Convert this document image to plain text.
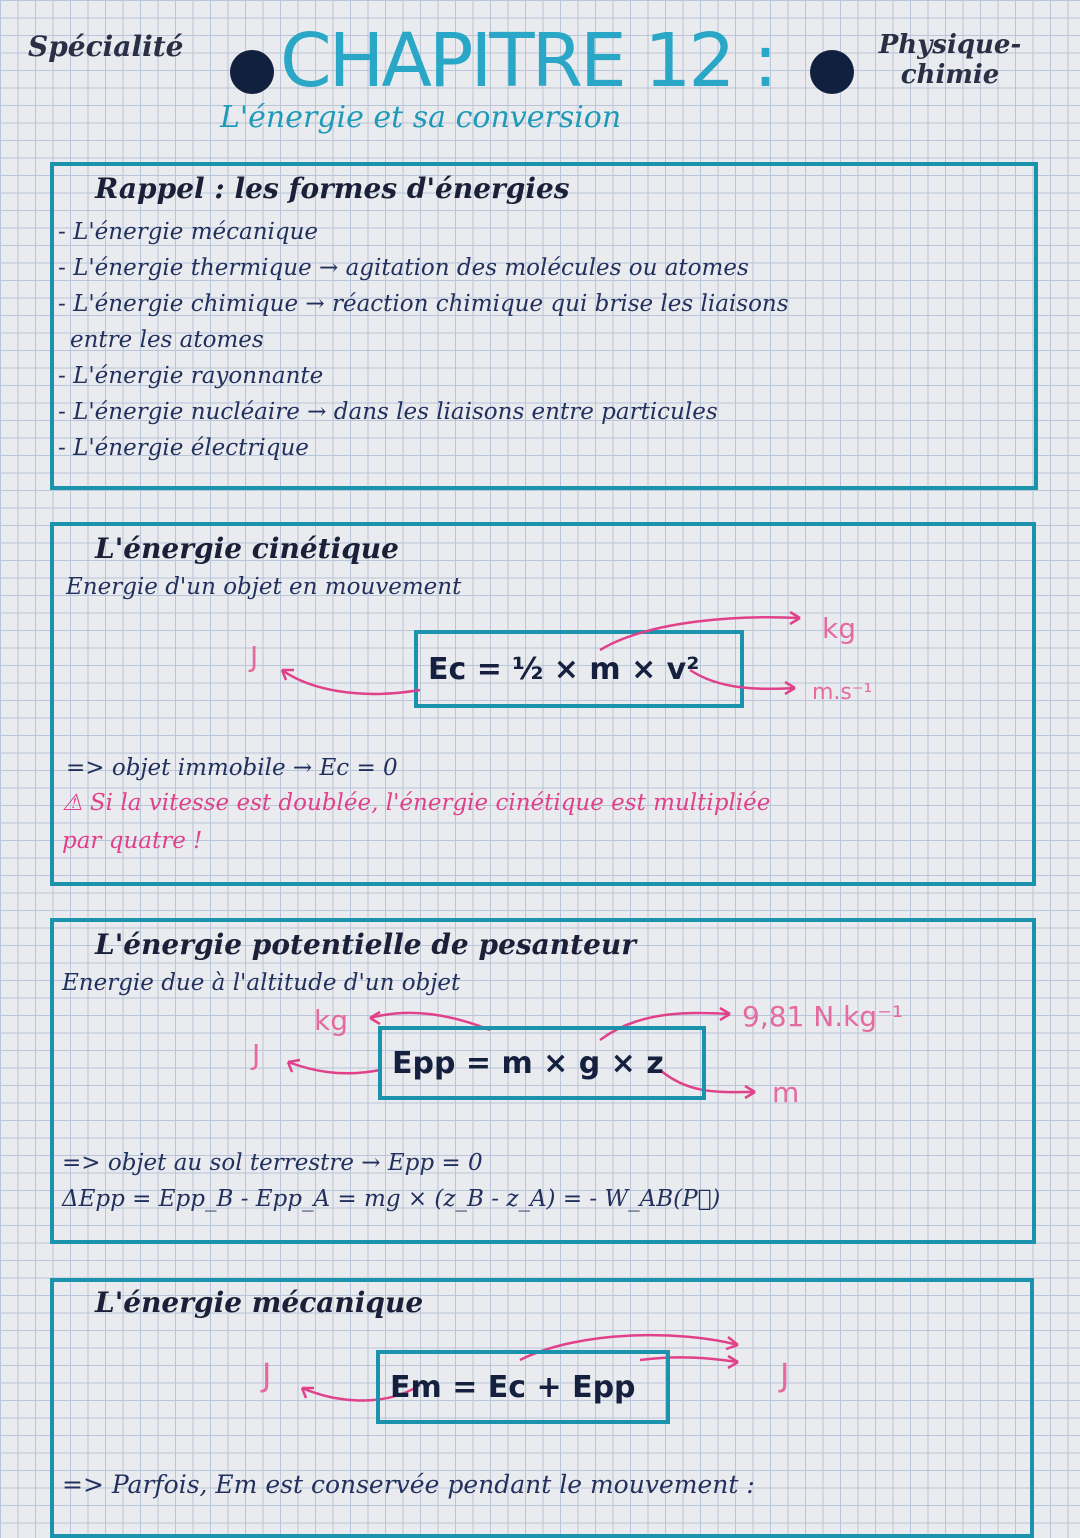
Spécialité CHAPITRE 12 :	Physique-chimie
L'énergie et sa conversion
Rappel : les formes d'énergies
- L'énergie mécanique
- L'énergie thermique → agitation des molécules ou atomes
- L'énergie chimique → réaction chimique qui brise les liaisons
entre les atomes
- L'énergie rayonnante
- L'énergie nucléaire → dans les liaisons entre particules
- L'énergie électrique
L'énergie cinétique
Energie d'un objet en mouvement
Ec = ½ × m × v²
J
kg
m.s⁻¹
=> objet immobile → Ec = 0
⚠ Si la vitesse est doublée, l'énergie cinétique est multipliée
par quatre !
L'énergie potentielle de pesanteur
Energie due à l'altitude d'un objet
Epp = m × g × z
J
kg	9,81 N.kg⁻¹
m
=> objet au sol terrestre → Epp = 0
ΔEpp = Epp_B - Epp_A = mg × (z_B - z_A) = - W_AB(P⃗)
L'énergie mécanique
Em = Ec + Epp
J	J
=> Parfois, Em est conservée pendant le mouvement :
